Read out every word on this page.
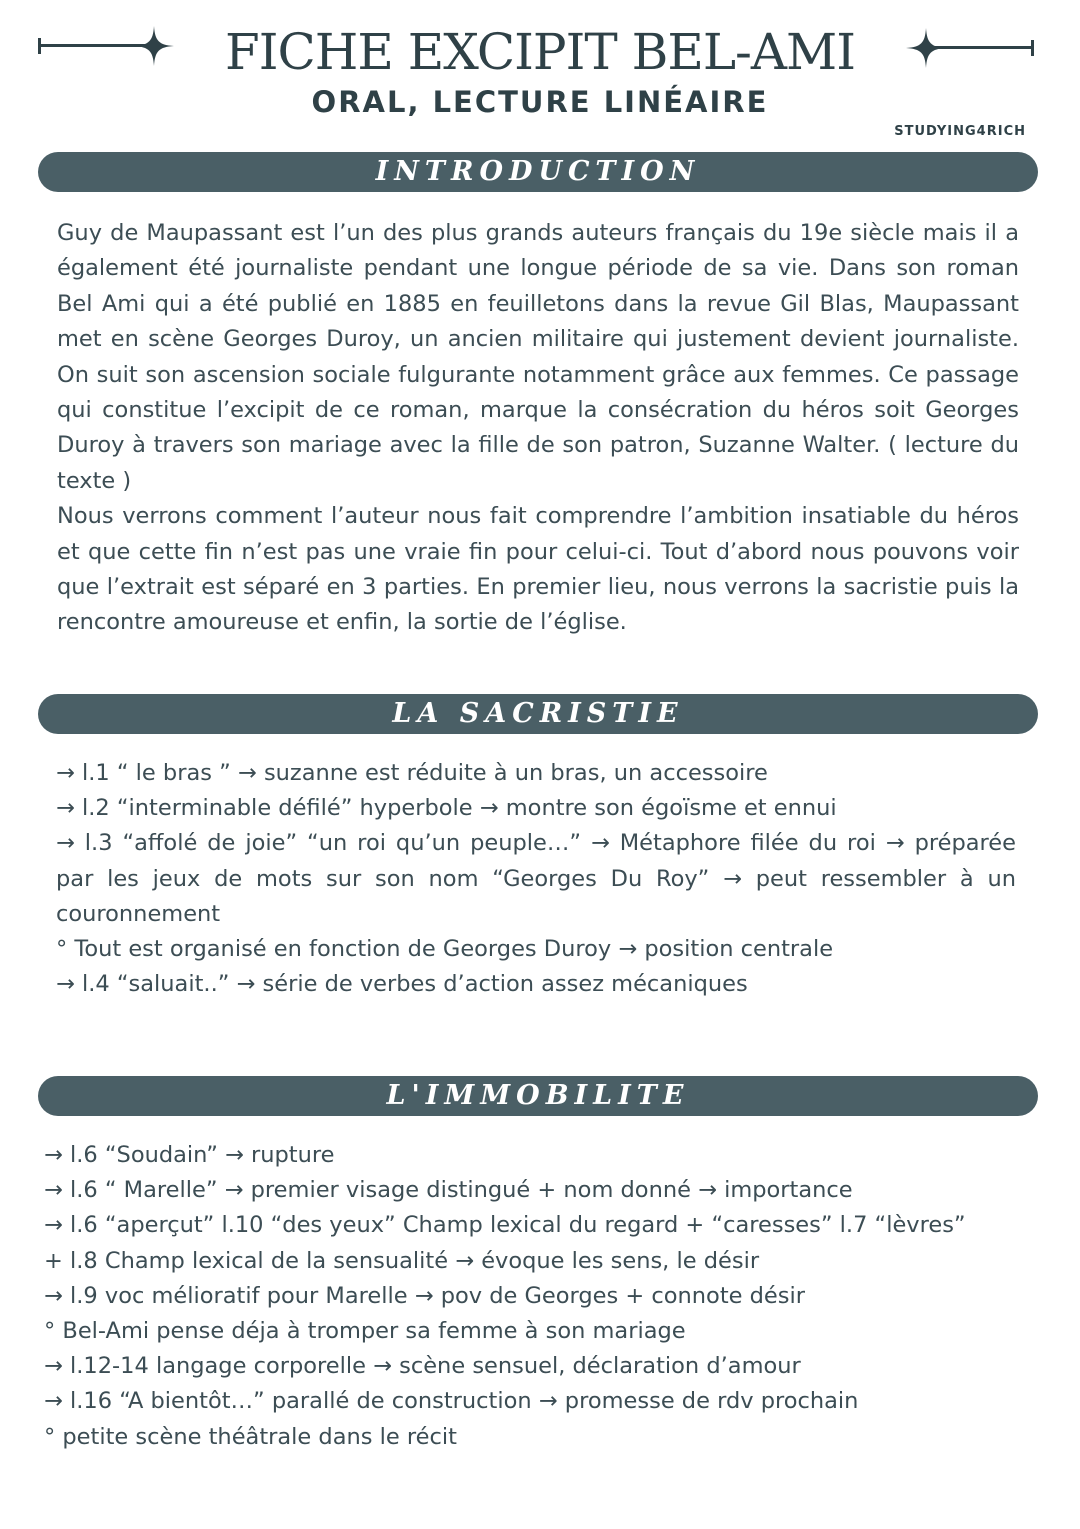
FICHE EXCIPIT BEL-AMI
ORAL, LECTURE LINÉAIRE
STUDYING4RICH
INTRODUCTION

Guy de Maupassant est l’un des plus grands auteurs français du 19e siècle mais il a également été journaliste pendant une longue période de sa vie. Dans son roman Bel Ami qui a été publié en 1885 en feuilletons dans la revue Gil Blas, Maupassant met en scène Georges Duroy, un ancien militaire qui justement devient journaliste. On suit son ascension sociale fulgurante notamment grâce aux femmes. Ce passage qui constitue l’excipit de ce roman, marque la consécration du héros soit Georges Duroy à travers son mariage avec la fille de son patron, Suzanne Walter. ( lecture du texte )

Nous verrons comment l’auteur nous fait comprendre l’ambition insatiable du héros et que cette fin n’est pas une vraie fin pour celui-ci. Tout d’abord nous pouvons voir que l’extrait est séparé en 3 parties. En premier lieu, nous verrons la sacristie puis la rencontre amoureuse et enfin, la sortie de l’église.

LA SACRISTIE
→ l.1 “ le bras ” → suzanne est réduite à un bras, un accessoire
→ l.2 “interminable défilé” hyperbole → montre son égoïsme et ennui
→ l.3 “affolé de joie” “un roi qu’un peuple…” → Métaphore filée du roi → préparée par les jeux de mots sur son nom “Georges Du Roy” → peut ressembler à un couronnement
° Tout est organisé en fonction de Georges Duroy → position centrale
→ l.4 “saluait..” → série de verbes d’action assez mécaniques
L'IMMOBILITE
→ l.6 “Soudain” → rupture
→ l.6 “ Marelle” → premier visage distingué + nom donné → importance
→ l.6 “aperçut” l.10 “des yeux” Champ lexical du regard + “caresses” l.7 “lèvres”
+ l.8 Champ lexical de la sensualité → évoque les sens, le désir
→ l.9 voc mélioratif pour Marelle → pov de Georges + connote désir
° Bel-Ami pense déja à tromper sa femme à son mariage
→ l.12-14 langage corporelle → scène sensuel, déclaration d’amour
→ l.16 “A bientôt…” parallé de construction → promesse de rdv prochain
° petite scène théâtrale dans le récit
